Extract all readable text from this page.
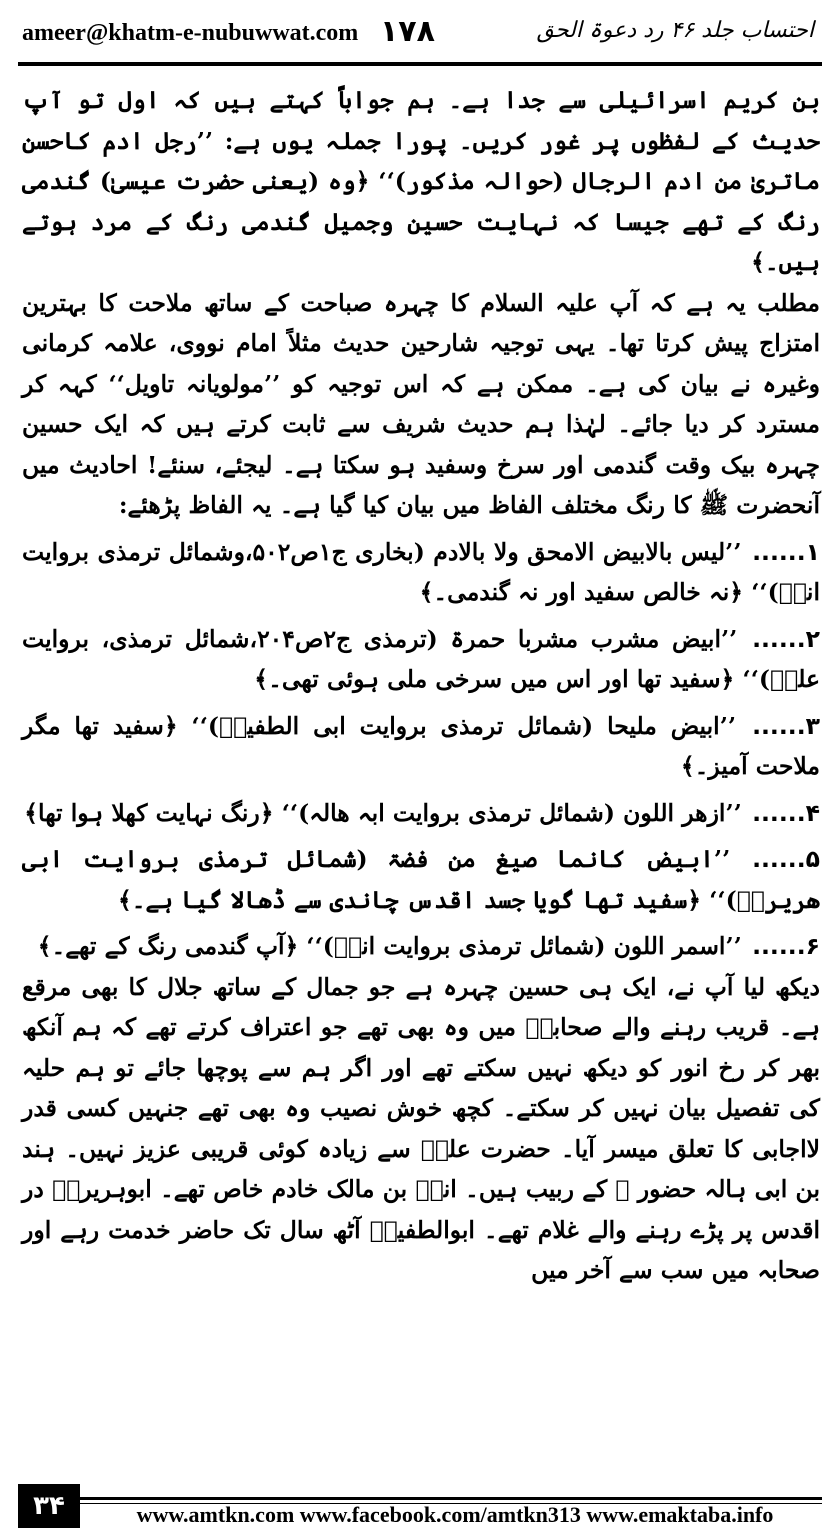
ameer@khatm-e-nubuwwat.com ۱۷۸	احتساب جلد ۴۶ رد دعوۃ الحق

بن کریم اسرائیلی سے جدا ہے۔ ہم جواباً کہتے ہیں کہ اول تو آپ حدیث کے لفظوں پر غور کریں۔ پورا جملہ یوں ہے: ’’رجل ادم کاحسن ماتریٰ من ادم الرجال (حوالہ مذکور)‘‘ ﴿وہ (یعنی حضرت عیسیٰ) گندمی رنگ کے تھے جیسا کہ نہایت حسین وجمیل گندمی رنگ کے مرد ہوتے ہیں۔﴾

مطلب یہ ہے کہ آپ علیہ السلام کا چہرہ صباحت کے ساتھ ملاحت کا بہترین امتزاج پیش کرتا تھا۔ یہی توجیہ شارحین حدیث مثلاً امام نووی، علامہ کرمانی وغیرہ نے بیان کی ہے۔ ممکن ہے کہ اس توجیہ کو ’’مولویانہ تاویل‘‘ کہہ کر مسترد کر دیا جائے۔ لہٰذا ہم حدیث شریف سے ثابت کرتے ہیں کہ ایک حسین چہرہ بیک وقت گندمی اور سرخ وسفید ہو سکتا ہے۔ لیجئے، سنئے! احادیث میں آنحضرت ﷺ کا رنگ مختلف الفاظ میں بیان کیا گیا ہے۔ یہ الفاظ پڑھئے:

۱...... ’’لیس بالابیض الامحق ولا بالادم (بخاری ج۱ص۵۰۲،وشمائل ترمذی بروایت انسؓ)‘‘ ﴿نہ خالص سفید اور نہ گندمی۔﴾

۲...... ’’ابیض مشرب مشربا حمرۃ (ترمذی ج۲ص۲۰۴،شمائل ترمذی، بروایت علیؓ)‘‘ ﴿سفید تھا اور اس میں سرخی ملی ہوئی تھی۔﴾

۳...... ’’ابیض ملیحا (شمائل ترمذی بروایت ابی الطفیلؓ)‘‘ ﴿سفید تھا مگر ملاحت آمیز۔﴾

۴...... ’’ازھر اللون (شمائل ترمذی بروایت ابہ ھالہ)‘‘ ﴿رنگ نہایت کھلا ہوا تھا﴾

۵...... ’’ابیض کانما صیغ من فضۃ (شمائل ترمذی بروایت ابی ھریرۃؓ)‘‘ ﴿سفید تھا گویا جسد اقدس چاندی سے ڈھالا گیا ہے۔﴾

۶...... ’’اسمر اللون (شمائل ترمذی بروایت انسؓ)‘‘ ﴿آپ گندمی رنگ کے تھے۔﴾

دیکھ لیا آپ نے، ایک ہی حسین چہرہ ہے جو جمال کے ساتھ جلال کا بھی مرقع ہے۔ قریب رہنے والے صحابہؓ میں وہ بھی تھے جو اعتراف کرتے تھے کہ ہم آنکھ بھر کر رخ انور کو دیکھ نہیں سکتے تھے اور اگر ہم سے پوچھا جائے تو ہم حلیہ کی تفصیل بیان نہیں کر سکتے۔ کچھ خوش نصیب وہ بھی تھے جنہیں کسی قدر لااجابی کا تعلق میسر آیا۔ حضرت علیؓ سے زیادہ کوئی قریبی عزیز نہیں۔ ہند بن ابی ہالہ حضور ﷺ کے ربیب ہیں۔ انسؓ بن مالک خادم خاص تھے۔ ابوہریرہؓ در اقدس پر پڑے رہنے والے غلام تھے۔ ابوالطفیلؓ آٹھ سال تک حاضر خدمت رہے اور صحابہ میں سب سے آخر میں

۳۴	www.amtkn.com www.facebook.com/amtkn313 www.emaktaba.info
